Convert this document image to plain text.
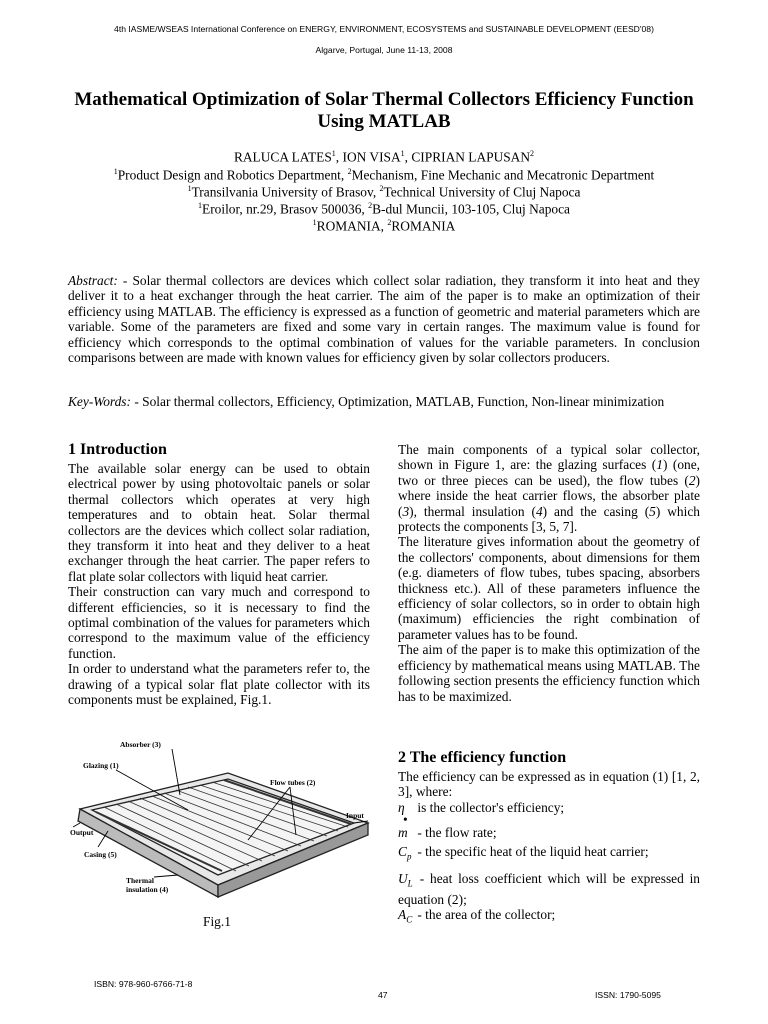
4th IASME/WSEAS International Conference on ENERGY, ENVIRONMENT, ECOSYSTEMS and SUSTAINABLE DEVELOPMENT (EESD'08)
Algarve, Portugal, June 11-13, 2008
Mathematical Optimization of Solar Thermal Collectors Efficiency Function Using MATLAB
RALUCA LATES$^1$, ION VISA$^1$, CIPRIAN LAPUSAN$^2$
$^1$Product Design and Robotics Department, $^2$Mechanism, Fine Mechanic and Mecatronic Department
$^1$Transilvania University of Brasov, $^2$Technical University of Cluj Napoca
$^1$Eroilor, nr.29, Brasov 500036, $^2$B-dul Muncii, 103-105, Cluj Napoca
$^1$ROMANIA, $^2$ROMANIA
Abstract: - Solar thermal collectors are devices which collect solar radiation, they transform it into heat and they deliver it to a heat exchanger through the heat carrier. The aim of the paper is to make an optimization of their efficiency using MATLAB. The efficiency is expressed as a function of geometric and material parameters which are variable. Some of the parameters are fixed and some vary in certain ranges. The maximum value is found for efficiency which corresponds to the optimal combination of values for the variable parameters. In conclusion comparisons between are made with known values for efficiency given by solar collectors producers.
Key-Words: - Solar thermal collectors, Efficiency, Optimization, MATLAB, Function, Non-linear minimization
1 Introduction

The available solar energy can be used to obtain electrical power by using photovoltaic panels or solar thermal collectors which operates at very high temperatures and to obtain heat. Solar thermal collectors are the devices which collect solar radiation, they transform it into heat and they deliver to a heat exchanger through the heat carrier. The paper refers to flat plate solar collectors with liquid heat carrier.

Their construction can vary much and correspond to different efficiencies, so it is necessary to find the optimal combination of the values for parameters which correspond to the maximum value of the efficiency function.

In order to understand what the parameters refer to, the drawing of a typical solar flat plate collector with its components must be explained, Fig.1.

The main components of a typical solar collector, shown in Figure 1, are: the glazing surfaces (1) (one, two or three pieces can be used), the flow tubes (2) where inside the heat carrier flows, the absorber plate (3), thermal insulation (4) and the casing (5) which protects the components [3, 5, 7].

The literature gives information about the geometry of the collectors' components, about dimensions for them (e.g. diameters of flow tubes, tubes spacing, absorbers thickness etc.). All of these parameters influence the efficiency of solar collectors, so in order to obtain high (maximum) efficiencies the right combination of parameter values has to be found.

The aim of the paper is to make this optimization of the efficiency by mathematical means using MATLAB. The following section presents the efficiency function which has to be maximized.

2 The efficiency function

The efficiency can be expressed as in equation (1) [1, 2, 3], where:

η is the collector's efficiency;

•

m - the flow rate;

$C_p$ - the specific heat of the liquid heat carrier;

$U_L$ - heat loss coefficient which will be expressed in equation (2);

$A_C$ - the area of the collector;

Absorber (3)
Glazing (1)
Flow tubes (2)
Input
Output
Casing (5)
Thermal
insulation (4)
Fig.1
ISBN: 978-960-6766-71-8
47	ISSN: 1790-5095
